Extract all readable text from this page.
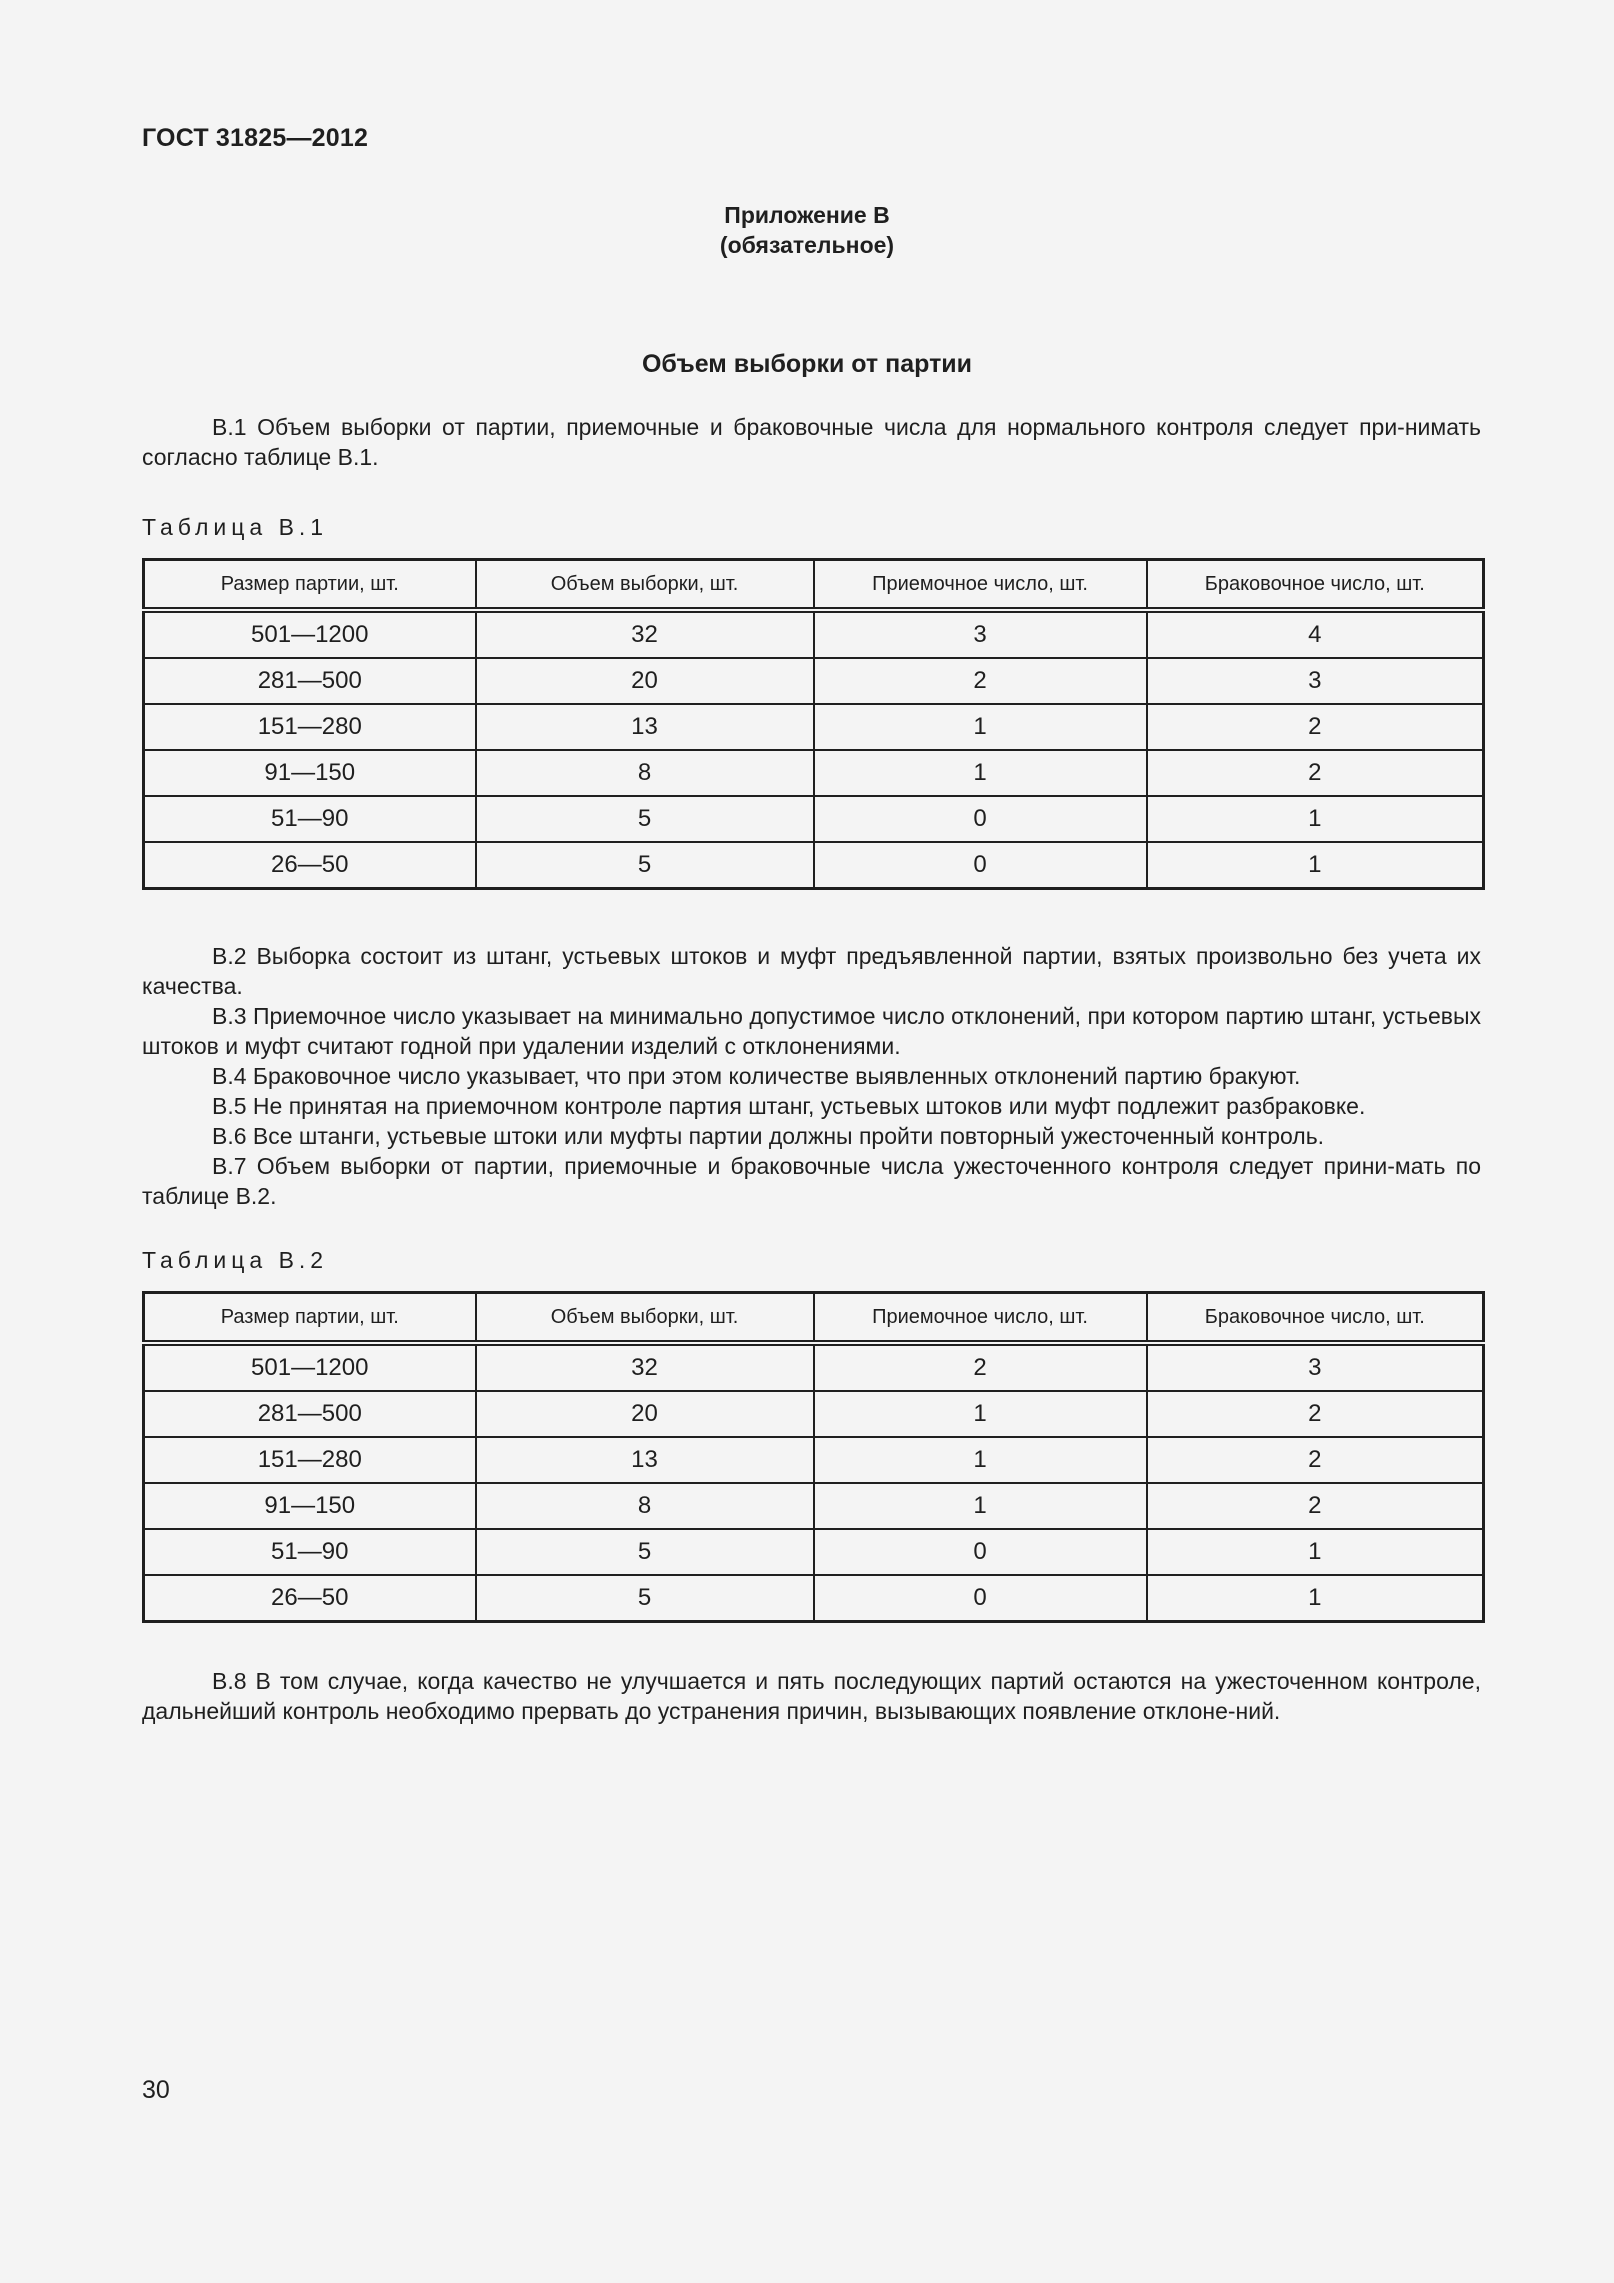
ГОСТ 31825—2012
Приложение В
(обязательное)
Объем выборки от партии

В.1 Объем выборки от партии, приемочные и браковочные числа для нормального контроля следует при-нимать согласно таблице В.1.

Таблица В.1
Размер партии, шт.	Объем выборки, шт.	Приемочное число, шт.	Браковочное число, шт.
501—1200	32	3	4
281—500	20	2	3
151—280	13	1	2
91—150	8	1	2
51—90	5	0	1
26—50	5	0	1

В.2 Выборка состоит из штанг, устьевых штоков и муфт предъявленной партии, взятых произвольно без учета их качества.

В.3 Приемочное число указывает на минимально допустимое число отклонений, при котором партию штанг, устьевых штоков и муфт считают годной при удалении изделий с отклонениями.

В.4 Браковочное число указывает, что при этом количестве выявленных отклонений партию бракуют.

В.5 Не принятая на приемочном контроле партия штанг, устьевых штоков или муфт подлежит разбраковке.

В.6 Все штанги, устьевые штоки или муфты партии должны пройти повторный ужесточенный контроль.

В.7 Объем выборки от партии, приемочные и браковочные числа ужесточенного контроля следует прини-мать по таблице В.2.

Таблица В.2
Размер партии, шт.	Объем выборки, шт.	Приемочное число, шт.	Браковочное число, шт.
501—1200	32	2	3
281—500	20	1	2
151—280	13	1	2
91—150	8	1	2
51—90	5	0	1
26—50	5	0	1

В.8 В том случае, когда качество не улучшается и пять последующих партий остаются на ужесточенном контроле, дальнейший контроль необходимо прервать до устранения причин, вызывающих появление отклоне-ний.

30
